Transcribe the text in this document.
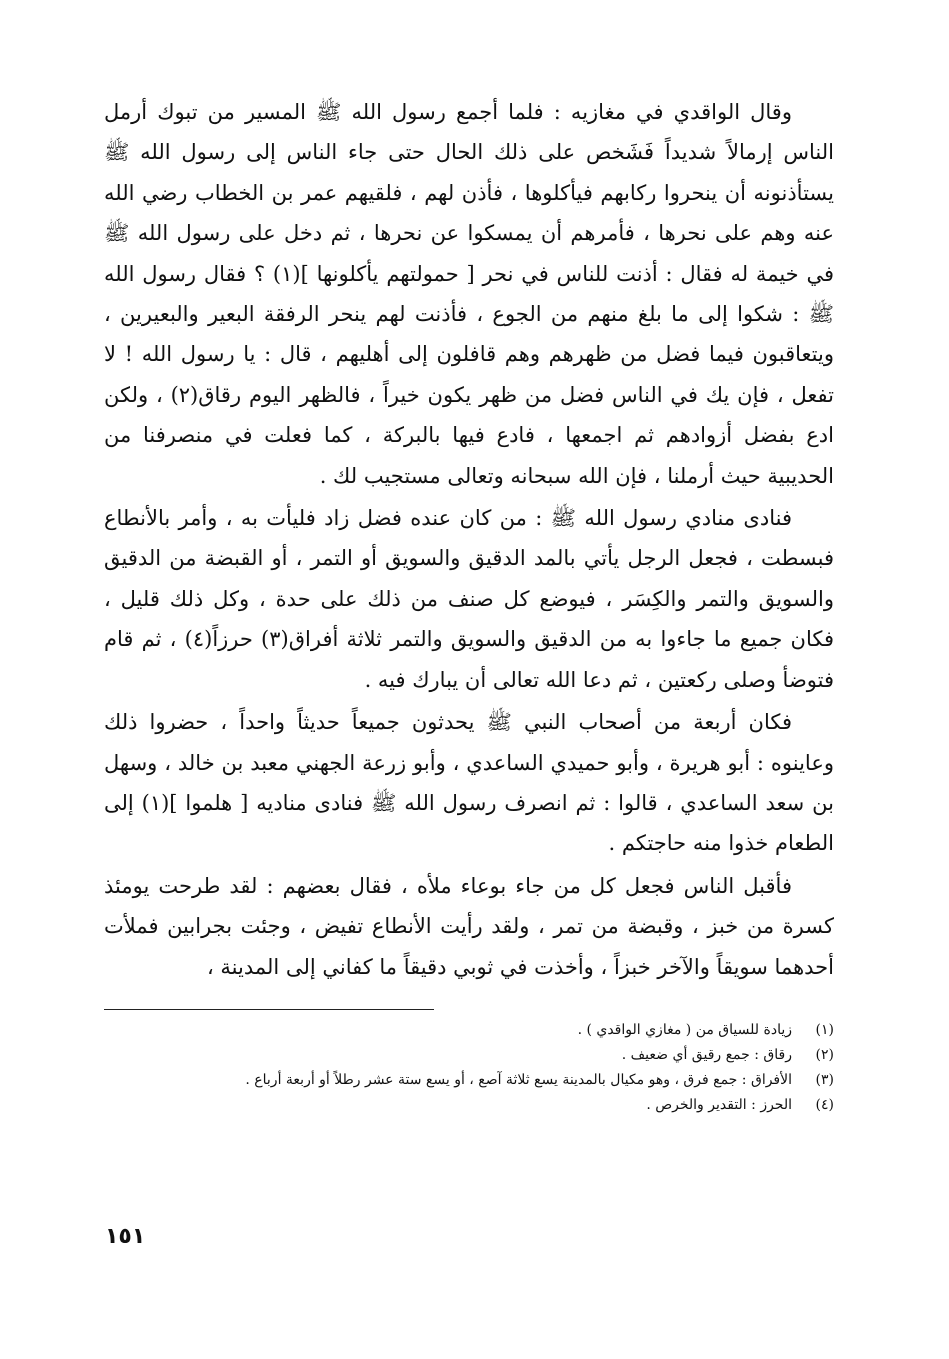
وقال الواقدي في مغازيه : فلما أجمع رسول الله ﷺ المسير من تبوك أرمل الناس إرمالاً شديداً فَشَخص على ذلك الحال حتى جاء الناس إلى رسول الله ﷺ يستأذنونه أن ينحروا ركابهم فيأكلوها ، فأذن لهم ، فلقيهم عمر بن الخطاب رضي الله عنه وهم على نحرها ، فأمرهم أن يمسكوا عن نحرها ، ثم دخل على رسول الله ﷺ في خيمة له فقال : أذنت للناس في نحر [ حمولتهم يأكلونها ](١) ؟ فقال رسول الله ﷺ : شكوا إلى ما بلغ منهم من الجوع ، فأذنت لهم ينحر الرفقة البعير والبعيرين ، ويتعاقبون فيما فضل من ظهرهم وهم قافلون إلى أهليهم ، قال : يا رسول الله ! لا تفعل ، فإن يك في الناس فضل من ظهر يكون خيراً ، فالظهر اليوم رقاق(٢) ، ولكن ادع بفضل أزوادهم ثم اجمعها ، فادع فيها بالبركة ، كما فعلت في منصرفنا من الحديبية حيث أرملنا ، فإن الله سبحانه وتعالى مستجيب لك .

فنادى منادي رسول الله ﷺ : من كان عنده فضل زاد فليأت به ، وأمر بالأنطاع فبسطت ، فجعل الرجل يأتي بالمد الدقيق والسويق أو التمر ، أو القبضة من الدقيق والسويق والتمر والكِسَر ، فيوضع كل صنف من ذلك على حدة ، وكل ذلك قليل ، فكان جميع ما جاءوا به من الدقيق والسويق والتمر ثلاثة أفراق(٣) حرزاً(٤) ، ثم قام فتوضأ وصلى ركعتين ، ثم دعا الله تعالى أن يبارك فيه .

فكان أربعة من أصحاب النبي ﷺ يحدثون جميعاً حديثاً واحداً ، حضروا ذلك وعاينوه : أبو هريرة ، وأبو حميدي الساعدي ، وأبو زرعة الجهني معبد بن خالد ، وسهل بن سعد الساعدي ، قالوا : ثم انصرف رسول الله ﷺ فنادى مناديه [ هلموا ](١) إلى الطعام خذوا منه حاجتكم .

فأقبل الناس فجعل كل من جاء بوعاء ملأه ، فقال بعضهم : لقد طرحت يومئذ كسرة من خبز ، وقبضة من تمر ، ولقد رأيت الأنطاع تفيض ، وجئت بجرابين فملأت أحدهما سويقاً والآخر خبزاً ، وأخذت في ثوبي دقيقاً ما كفاني إلى المدينة ،

(١)
زيادة للسياق من ( مغازي الواقدي ) .
(٢)
رقاق : جمع رقيق أي ضعيف .
(٣)
الأفراق : جمع فرق ، وهو مكيال بالمدينة يسع ثلاثة آصع ، أو يسع ستة عشر رطلاً أو أربعة أرباع .
(٤)
الحرز : التقدير والخرص .
١٥١
